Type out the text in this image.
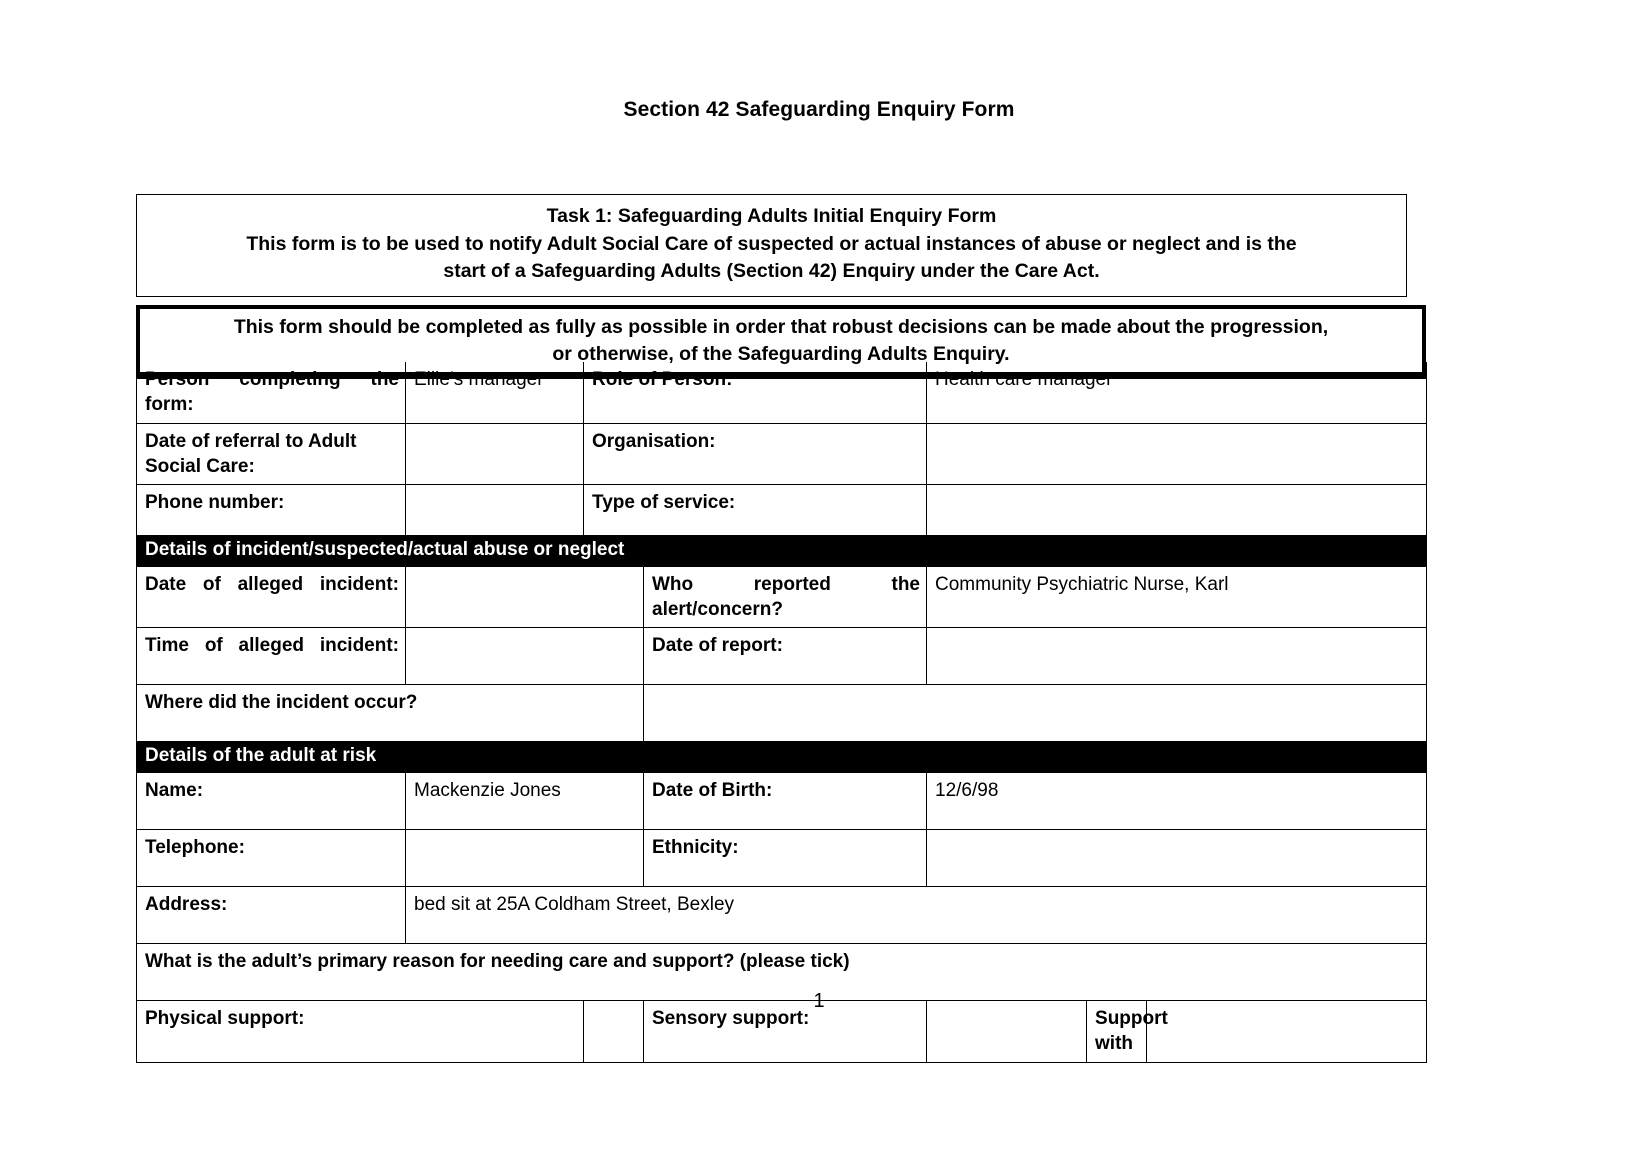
Section 42 Safeguarding Enquiry Form
Task 1: Safeguarding Adults Initial Enquiry Form
This form is to be used to notify Adult Social Care of suspected or actual instances of abuse or neglect and is the
start of a Safeguarding Adults (Section 42) Enquiry under the Care Act.
This form should be completed as fully as possible in order that robust decisions can be made about the progression,
or otherwise, of the Safeguarding Adults Enquiry.
Person completing the form:	Ellie’s manager	Role of Person:		Health care manager		
Date of referral to Adult Social Care:		Organisation:				
Phone number:		Type of service:				
Details of incident/suspected/actual abuse or neglect						
Date of alleged incident:			Who reported the alert/concern?	Community Psychiatric Nurse, Karl		
Time of alleged incident:			Date of report:			
Where did the incident occur?						
Details of the adult at risk						
Name:	Mackenzie Jones		Date of Birth:	12/6/98		
Telephone:			Ethnicity:			
Address:	bed sit at 25A Coldham Street, Bexley					
What is the adult’s primary reason for needing care and support? (please tick)						
Physical support:			Sensory support:		Support with	
1
